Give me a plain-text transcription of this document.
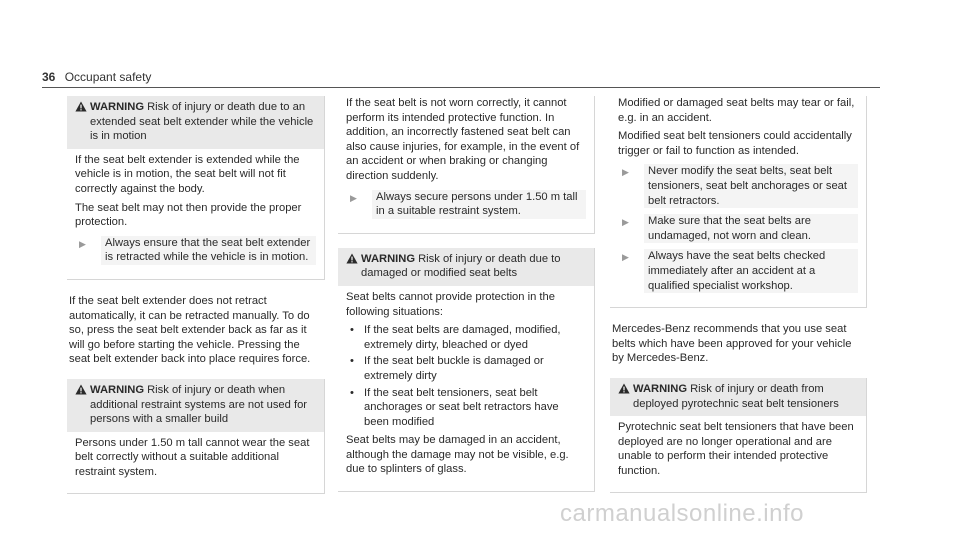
36 Occupant safety
WARNING Risk of injury or death due to an extended seat belt extender while the vehicle is in motion

If the seat belt extender is extended while the vehicle is in motion, the seat belt will not fit correctly against the body.

The seat belt may not then provide the proper protection.

▶	Always ensure that the seat belt extender is retracted while the vehicle is in motion.

If the seat belt extender does not retract automatically, it can be retracted manually. To do so, press the seat belt extender back as far as it will go before starting the vehicle. Pressing the seat belt extender back into place requires force.

WARNING Risk of injury or death when additional restraint systems are not used for persons with a smaller build

Persons under 1.50 m tall cannot wear the seat belt correctly without a suitable additional restraint system.

If the seat belt is not worn correctly, it cannot perform its intended protective function. In addition, an incorrectly fastened seat belt can also cause injuries, for example, in the event of an accident or when braking or changing direction suddenly.

▶	Always secure persons under 1.50 m tall in a suitable restraint system.
WARNING Risk of injury or death due to damaged or modified seat belts

Seat belts cannot provide protection in the following situations:

• If the seat belts are damaged, modified, extremely dirty, bleached or dyed
• If the seat belt buckle is damaged or extremely dirty
• If the seat belt tensioners, seat belt anchorages or seat belt retractors have been modified

Seat belts may be damaged in an accident, although the damage may not be visible, e.g. due to splinters of glass.

Modified or damaged seat belts may tear or fail, e.g. in an accident.

Modified seat belt tensioners could accidentally trigger or fail to function as intended.

▶	Never modify the seat belts, seat belt tensioners, seat belt anchorages or seat belt retractors.
▶	Make sure that the seat belts are undamaged, not worn and clean.
▶	Always have the seat belts checked immediately after an accident at a qualified specialist workshop.

Mercedes-Benz recommends that you use seat belts which have been approved for your vehicle by Mercedes-Benz.

WARNING Risk of injury or death from deployed pyrotechnic seat belt tensioners

Pyrotechnic seat belt tensioners that have been deployed are no longer operational and are unable to perform their intended protective function.

carmanualsonline.info
